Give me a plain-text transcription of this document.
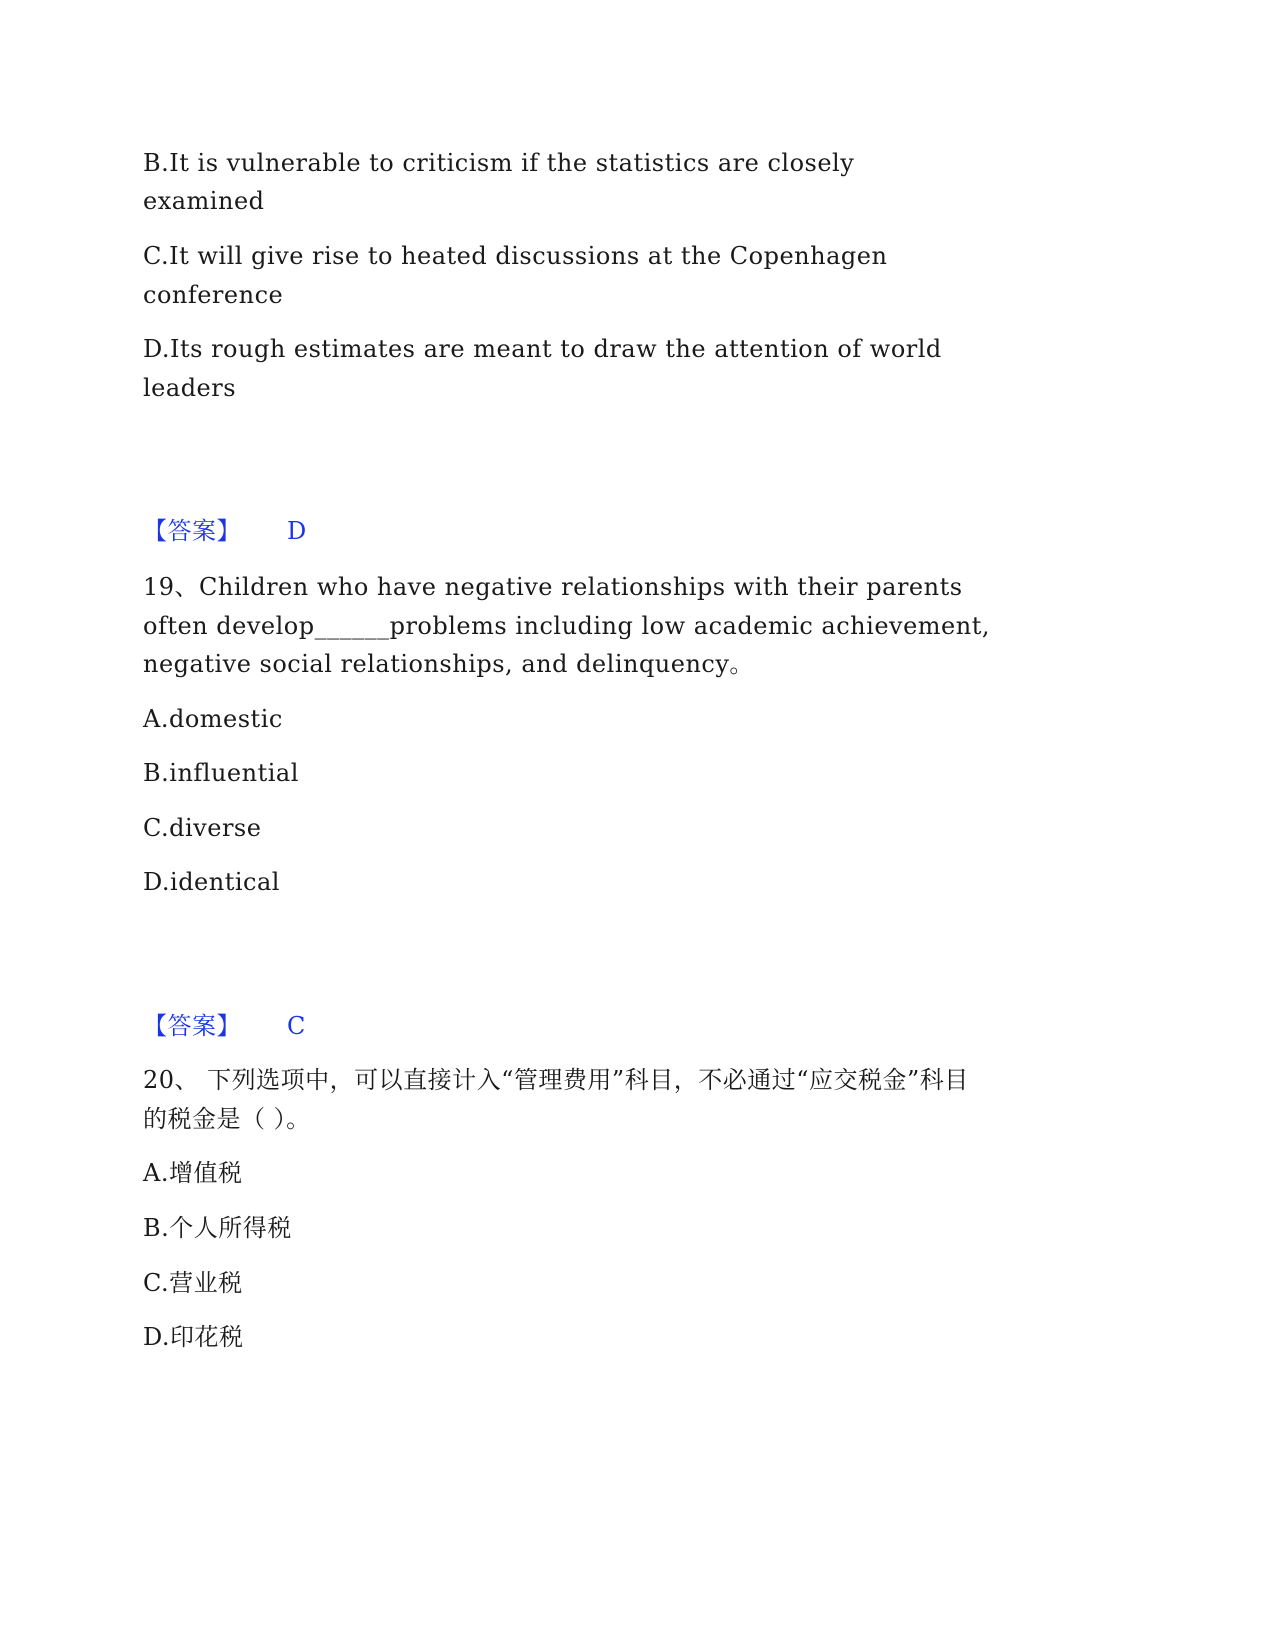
B.It is vulnerable to criticism if the statistics are closely
examined
C.It will give rise to heated discussions at the Copenhagen
conference
D.Its rough estimates are meant to draw the attention of world
leaders
【答案】 D
19、Children who have negative relationships with their parents
often develop______problems including low academic achievement,
negative social relationships, and delinquency。
A.domestic
B.influential
C.diverse
D.identical
【答案】 C
20、 下列选项中，可以直接计入“管理费用”科目，不必通过“应交税金”科目
的税金是（ ）。
A.增值税
B.个人所得税
C.营业税
D.印花税
